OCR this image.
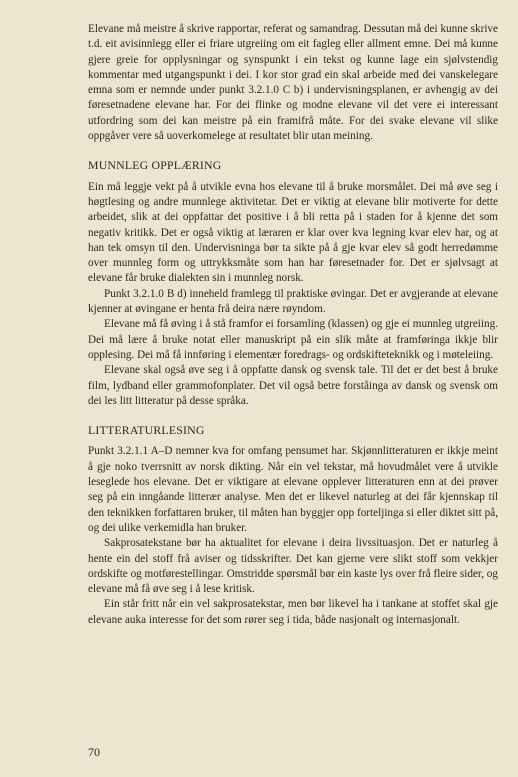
Elevane må meistre å skrive rapportar, referat og samandrag. Dessutan må dei kunne skrive t.d. eit avisinnlegg eller ei friare utgreiing om eit fagleg eller allment emne. Dei må kunne gjere greie for opplysningar og synspunkt i ein tekst og kunne lage ein sjølvstendig kommentar med utgangspunkt i dei. I kor stor grad ein skal arbeide med dei vanskelegare emna som er nemnde under punkt 3.2.1.0 C b) i undervisningsplanen, er avhengig av dei føresetnadene elevane har. For dei flinke og modne elevane vil det vere ei interessant utfordring som dei kan meistre på ein framifrå måte. For dei svake elevane vil slike oppgåver vere så uoverkomelege at resultatet blir utan meining.

MUNNLEG OPPLÆRING

Ein må leggje vekt på å utvikle evna hos elevane til å bruke morsmålet. Dei må øve seg i høgtlesing og andre munnlege aktivitetar. Det er viktig at elevane blir motiverte for dette arbeidet, slik at dei oppfattar det positive i å bli retta på i staden for å kjenne det som negativ kritikk. Det er også viktig at læraren er klar over kva legning kvar elev har, og at han tek omsyn til den. Undervisninga bør ta sikte på å gje kvar elev så godt herredømme over munnleg form og uttrykksmåte som han har føresetnader for. Det er sjølvsagt at elevane får bruke dialekten sin i munnleg norsk.

Punkt 3.2.1.0 B d) inneheld framlegg til praktiske øvingar. Det er avgjerande at elevane kjenner at øvingane er henta frå deira nære røyndom.

Elevane må få øving i å stå framfor ei forsamling (klassen) og gje ei munnleg utgreiing. Dei må lære å bruke notat eller manuskript på ein slik måte at framføringa ikkje blir opplesing. Dei må få innføring i elementær foredrags- og ordskifteteknikk og i møteleiing.

Elevane skal også øve seg i å oppfatte dansk og svensk tale. Til det er det best å bruke film, lydband eller grammofonplater. Det vil også betre forståinga av dansk og svensk om dei les litt litteratur på desse språka.

LITTERATURLESING

Punkt 3.2.1.1 A–D nemner kva for omfang pensumet har. Skjønnlitteraturen er ikkje meint å gje noko tverrsnitt av norsk dikting. Når ein vel tekstar, må hovudmålet vere å utvikle leseglede hos elevane. Det er viktigare at elevane opplever litteraturen enn at dei prøver seg på ein inngåande litterær analyse. Men det er likevel naturleg at dei får kjennskap til den teknikken forfattaren bruker, til måten han byggjer opp forteljinga si eller diktet sitt på, og dei ulike verkemidla han bruker.

Sakprosatekstane bør ha aktualitet for elevane i deira livssituasjon. Det er naturleg å hente ein del stoff frå aviser og tidsskrifter. Det kan gjerne vere slikt stoff som vekkjer ordskifte og motførestellingar. Omstridde spørsmål bør ein kaste lys over frå fleire sider, og elevane må få øve seg i å lese kritisk.

Ein står fritt når ein vel sakprosatekstar, men bør likevel ha i tankane at stoffet skal gje elevane auka interesse for det som rører seg i tida, både nasjonalt og internasjonalt.

70
